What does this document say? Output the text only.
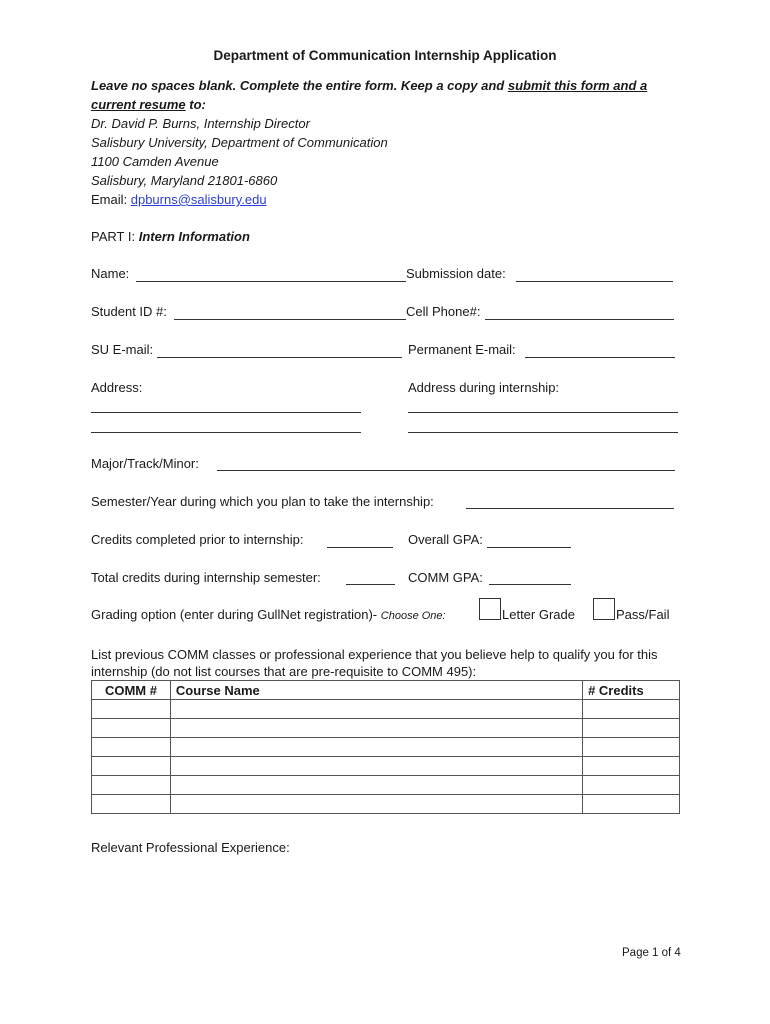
Department of Communication Internship Application
Leave no spaces blank. Complete the entire form. Keep a copy and submit this form and a current resume to:
Dr. David P. Burns, Internship Director
Salisbury University, Department of Communication
1100 Camden Avenue
Salisbury, Maryland 21801-6860
Email: dpburns@salisbury.edu
PART I: Intern Information
Name:	Submission date:
Student ID #:	Cell Phone#:
SU E-mail:	Permanent E-mail:
Address:	Address during internship:
Major/Track/Minor:
Semester/Year during which you plan to take the internship:
Credits completed prior to internship:	Overall GPA:
Total credits during internship semester:	COMM GPA:
Grading option (enter during GullNet registration)- Choose One:	Letter Grade	Pass/Fail
List previous COMM classes or professional experience that you believe help to qualify you for this internship (do not list courses that are pre-requisite to COMM 495):
COMM #	Course Name	# Credits

Relevant Professional Experience:
Page 1 of 4
